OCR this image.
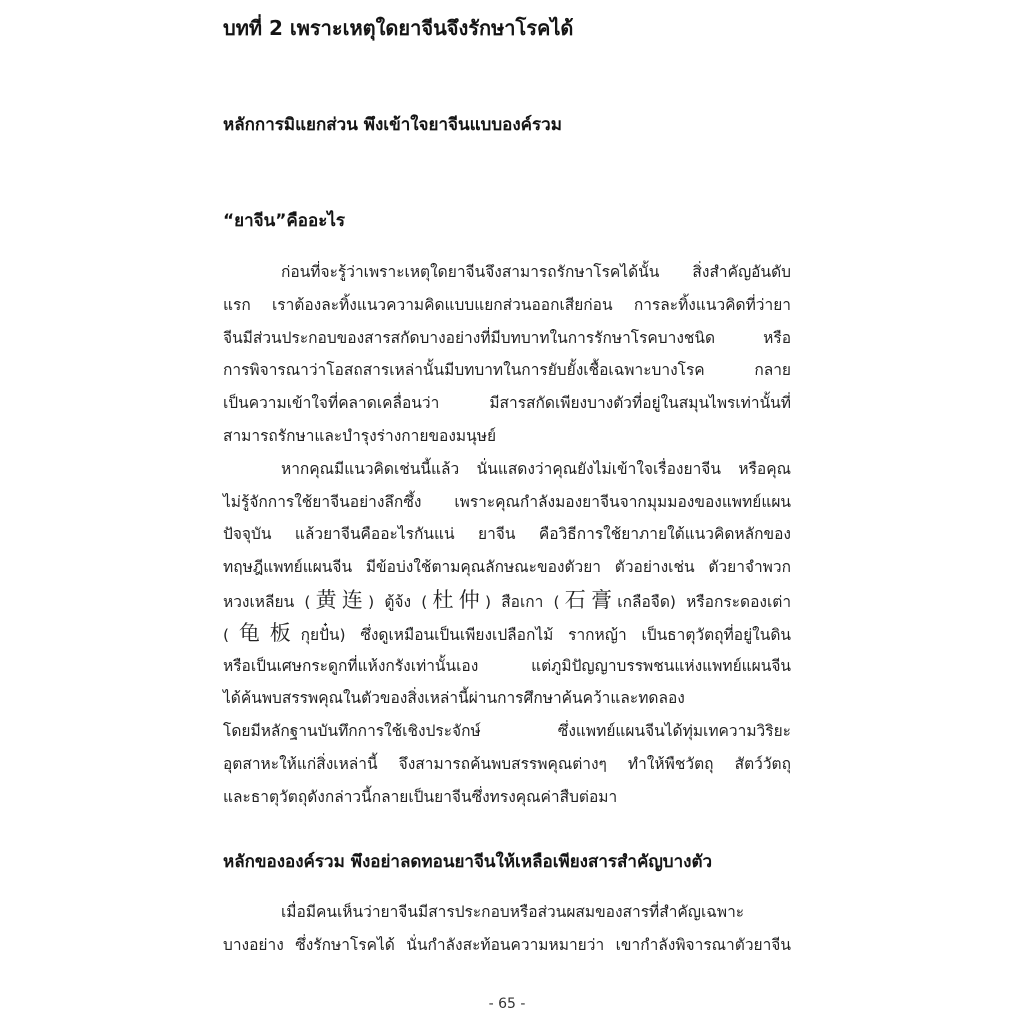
บทที่ 2 เพราะเหตุใดยาจีนจึงรักษาโรคได้
หลักการมิแยกส่วน พึงเข้าใจยาจีนแบบองค์รวม
“ยาจีน”คืออะไร
ก่อนที่จะรู้ว่าเพราะเหตุใดยาจีนจึงสามารถรักษาโรคได้นั้น สิ่งสำคัญอันดับ
แรก เราต้องละทิ้งแนวความคิดแบบแยกส่วนออกเสียก่อน การละทิ้งแนวคิดที่ว่ายา
จีนมีส่วนประกอบของสารสกัดบางอย่างที่มีบทบาทในการรักษาโรคบางชนิด หรือ
การพิจารณาว่าโอสถสารเหล่านั้นมีบทบาทในการยับยั้งเชื้อเฉพาะบางโรค กลาย
เป็นความเข้าใจที่คลาดเคลื่อนว่า มีสารสกัดเพียงบางตัวที่อยู่ในสมุนไพรเท่านั้นที่
สามารถรักษาและบำรุงร่างกายของมนุษย์
หากคุณมีแนวคิดเช่นนี้แล้ว นั่นแสดงว่าคุณยังไม่เข้าใจเรื่องยาจีน หรือคุณ
ไม่รู้จักการใช้ยาจีนอย่างลึกซึ้ง เพราะคุณกำลังมองยาจีนจากมุมมองของแพทย์แผน
ปัจจุบัน แล้วยาจีนคืออะไรกันแน่ ยาจีน คือวิธีการใช้ยาภายใต้แนวคิดหลักของ
ทฤษฎีแพทย์แผนจีน มีข้อบ่งใช้ตามคุณลักษณะของตัวยา ตัวอย่างเช่น ตัวยาจำพวก
หวงเหลียน (黄连) ตู้จ้ง (杜仲) สือเกา (石膏เกลือจืด) หรือกระดองเต่า
(龟板กุยปั๋น) ซึ่งดูเหมือนเป็นเพียงเปลือกไม้ รากหญ้า เป็นธาตุวัตถุที่อยู่ในดิน
หรือเป็นเศษกระดูกที่แห้งกรังเท่านั้นเอง แต่ภูมิปัญญาบรรพชนแห่งแพทย์แผนจีน
ได้ค้นพบสรรพคุณในตัวของสิ่งเหล่านี้ผ่านการศึกษาค้นคว้าและทดลอง
โดยมีหลักฐานบันทึกการใช้เชิงประจักษ์ ซึ่งแพทย์แผนจีนได้ทุ่มเทความวิริยะ
อุตสาหะให้แก่สิ่งเหล่านี้ จึงสามารถค้นพบสรรพคุณต่างๆ ทำให้พืชวัตถุ สัตว์วัตถุ
และธาตุวัตถุดังกล่าวนี้กลายเป็นยาจีนซึ่งทรงคุณค่าสืบต่อมา
หลักขององค์รวม พึงอย่าลดทอนยาจีนให้เหลือเพียงสารสำคัญบางตัว
เมื่อมีคนเห็นว่ายาจีนมีสารประกอบหรือส่วนผสมของสารที่สำคัญเฉพาะ
บางอย่าง ซึ่งรักษาโรคได้ นั่นกำลังสะท้อนความหมายว่า เขากำลังพิจารณาตัวยาจีน
- 65 -
